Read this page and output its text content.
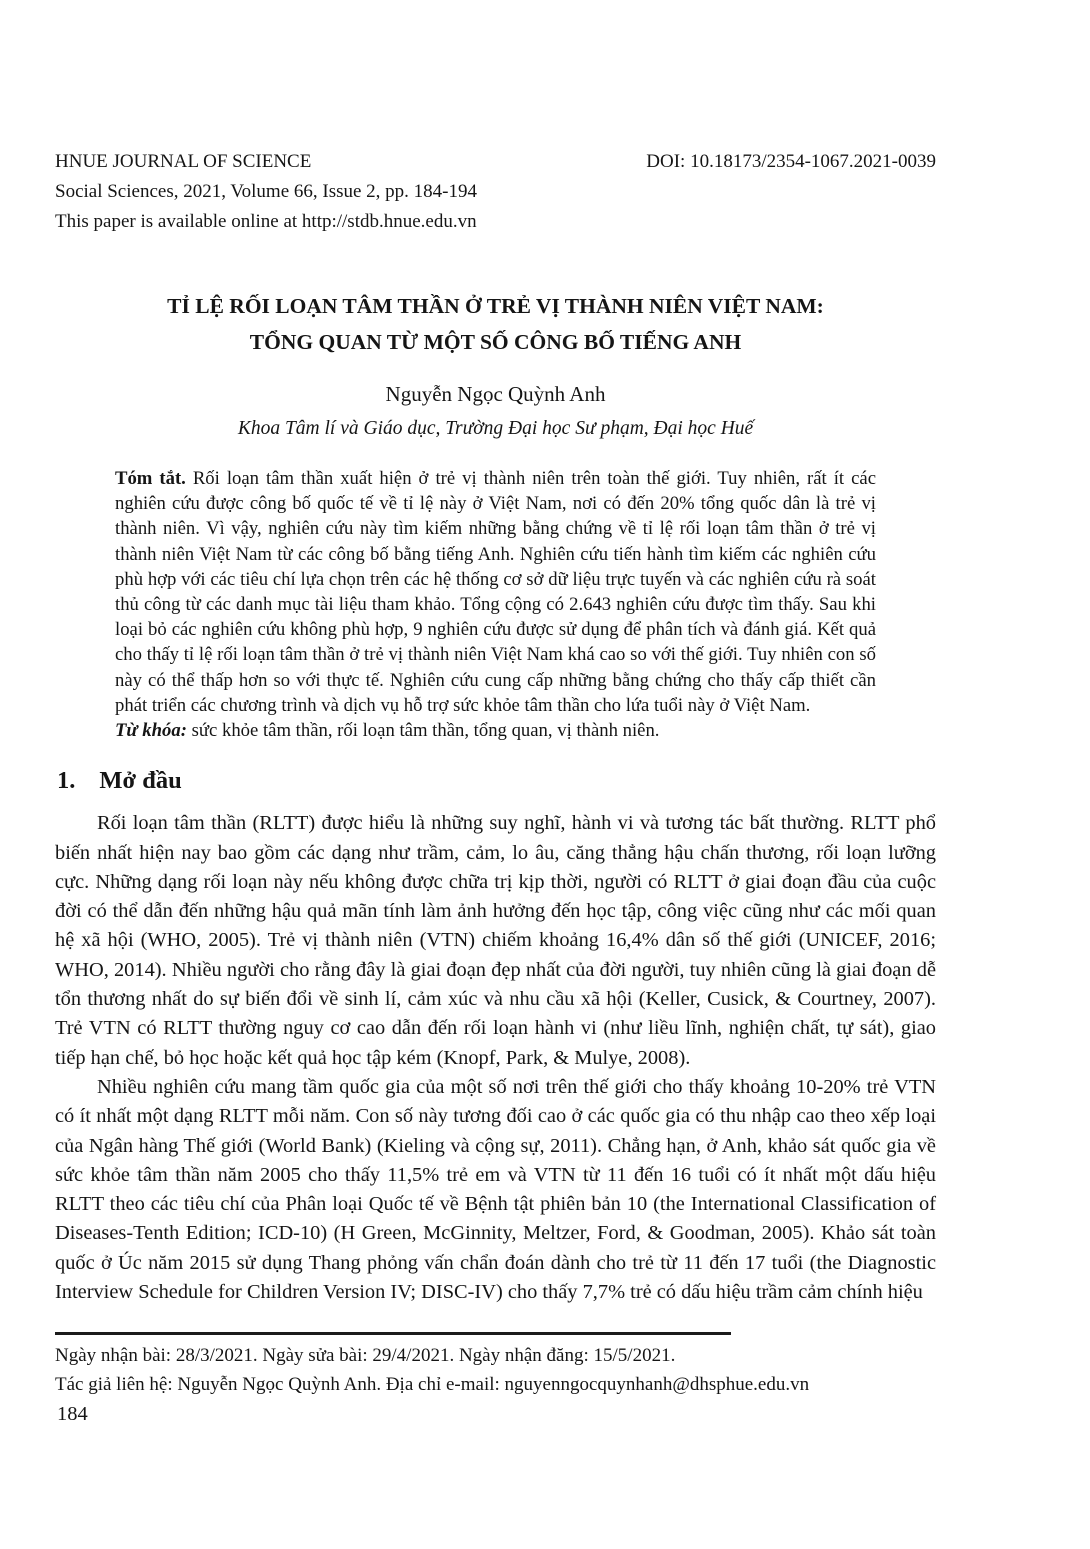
HNUE JOURNAL OF SCIENCE	DOI: 10.18173/2354-1067.2021-0039
Social Sciences, 2021, Volume 66, Issue 2, pp. 184-194
This paper is available online at http://stdb.hnue.edu.vn
TỈ LỆ RỐI LOẠN TÂM THẦN Ở TRẺ VỊ THÀNH NIÊN VIỆT NAM:
TỔNG QUAN TỪ MỘT SỐ CÔNG BỐ TIẾNG ANH
Nguyễn Ngọc Quỳnh Anh
Khoa Tâm lí và Giáo dục, Trường Đại học Sư phạm, Đại học Huế

Tóm tắt. Rối loạn tâm thần xuất hiện ở trẻ vị thành niên trên toàn thế giới. Tuy nhiên, rất ít các nghiên cứu được công bố quốc tế về tỉ lệ này ở Việt Nam, nơi có đến 20% tổng quốc dân là trẻ vị thành niên. Vì vậy, nghiên cứu này tìm kiếm những bằng chứng về tỉ lệ rối loạn tâm thần ở trẻ vị thành niên Việt Nam từ các công bố bằng tiếng Anh. Nghiên cứu tiến hành tìm kiếm các nghiên cứu phù hợp với các tiêu chí lựa chọn trên các hệ thống cơ sở dữ liệu trực tuyến và các nghiên cứu rà soát thủ công từ các danh mục tài liệu tham khảo. Tổng cộng có 2.643 nghiên cứu được tìm thấy. Sau khi loại bỏ các nghiên cứu không phù hợp, 9 nghiên cứu được sử dụng để phân tích và đánh giá. Kết quả cho thấy tỉ lệ rối loạn tâm thần ở trẻ vị thành niên Việt Nam khá cao so với thế giới. Tuy nhiên con số này có thể thấp hơn so với thực tế. Nghiên cứu cung cấp những bằng chứng cho thấy cấp thiết cần phát triển các chương trình và dịch vụ hỗ trợ sức khỏe tâm thần cho lứa tuổi này ở Việt Nam.

Từ khóa: sức khỏe tâm thần, rối loạn tâm thần, tổng quan, vị thành niên.

1. Mở đầu

Rối loạn tâm thần (RLTT) được hiểu là những suy nghĩ, hành vi và tương tác bất thường. RLTT phổ biến nhất hiện nay bao gồm các dạng như trầm, cảm, lo âu, căng thẳng hậu chấn thương, rối loạn lưỡng cực. Những dạng rối loạn này nếu không được chữa trị kịp thời, người có RLTT ở giai đoạn đầu của cuộc đời có thể dẫn đến những hậu quả mãn tính làm ảnh hưởng đến học tập, công việc cũng như các mối quan hệ xã hội (WHO, 2005). Trẻ vị thành niên (VTN) chiếm khoảng 16,4% dân số thế giới (UNICEF, 2016; WHO, 2014). Nhiều người cho rằng đây là giai đoạn đẹp nhất của đời người, tuy nhiên cũng là giai đoạn dễ tổn thương nhất do sự biến đổi về sinh lí, cảm xúc và nhu cầu xã hội (Keller, Cusick, & Courtney, 2007). Trẻ VTN có RLTT thường nguy cơ cao dẫn đến rối loạn hành vi (như liều lĩnh, nghiện chất, tự sát), giao tiếp hạn chế, bỏ học hoặc kết quả học tập kém (Knopf, Park, & Mulye, 2008).

Nhiều nghiên cứu mang tầm quốc gia của một số nơi trên thế giới cho thấy khoảng 10-20% trẻ VTN có ít nhất một dạng RLTT mỗi năm. Con số này tương đối cao ở các quốc gia có thu nhập cao theo xếp loại của Ngân hàng Thế giới (World Bank) (Kieling và cộng sự, 2011). Chẳng hạn, ở Anh, khảo sát quốc gia về sức khỏe tâm thần năm 2005 cho thấy 11,5% trẻ em và VTN từ 11 đến 16 tuổi có ít nhất một dấu hiệu RLTT theo các tiêu chí của Phân loại Quốc tế về Bệnh tật phiên bản 10 (the International Classification of Diseases-Tenth Edition; ICD-10) (H Green, McGinnity, Meltzer, Ford, & Goodman, 2005). Khảo sát toàn quốc ở Úc năm 2015 sử dụng Thang phỏng vấn chẩn đoán dành cho trẻ từ 11 đến 17 tuổi (the Diagnostic Interview Schedule for Children Version IV; DISC-IV) cho thấy 7,7% trẻ có dấu hiệu trầm cảm chính hiệu

Ngày nhận bài: 28/3/2021. Ngày sửa bài: 29/4/2021. Ngày nhận đăng: 15/5/2021.
Tác giả liên hệ: Nguyễn Ngọc Quỳnh Anh. Địa chỉ e-mail: nguyenngocquynhanh@dhsphue.edu.vn
184
